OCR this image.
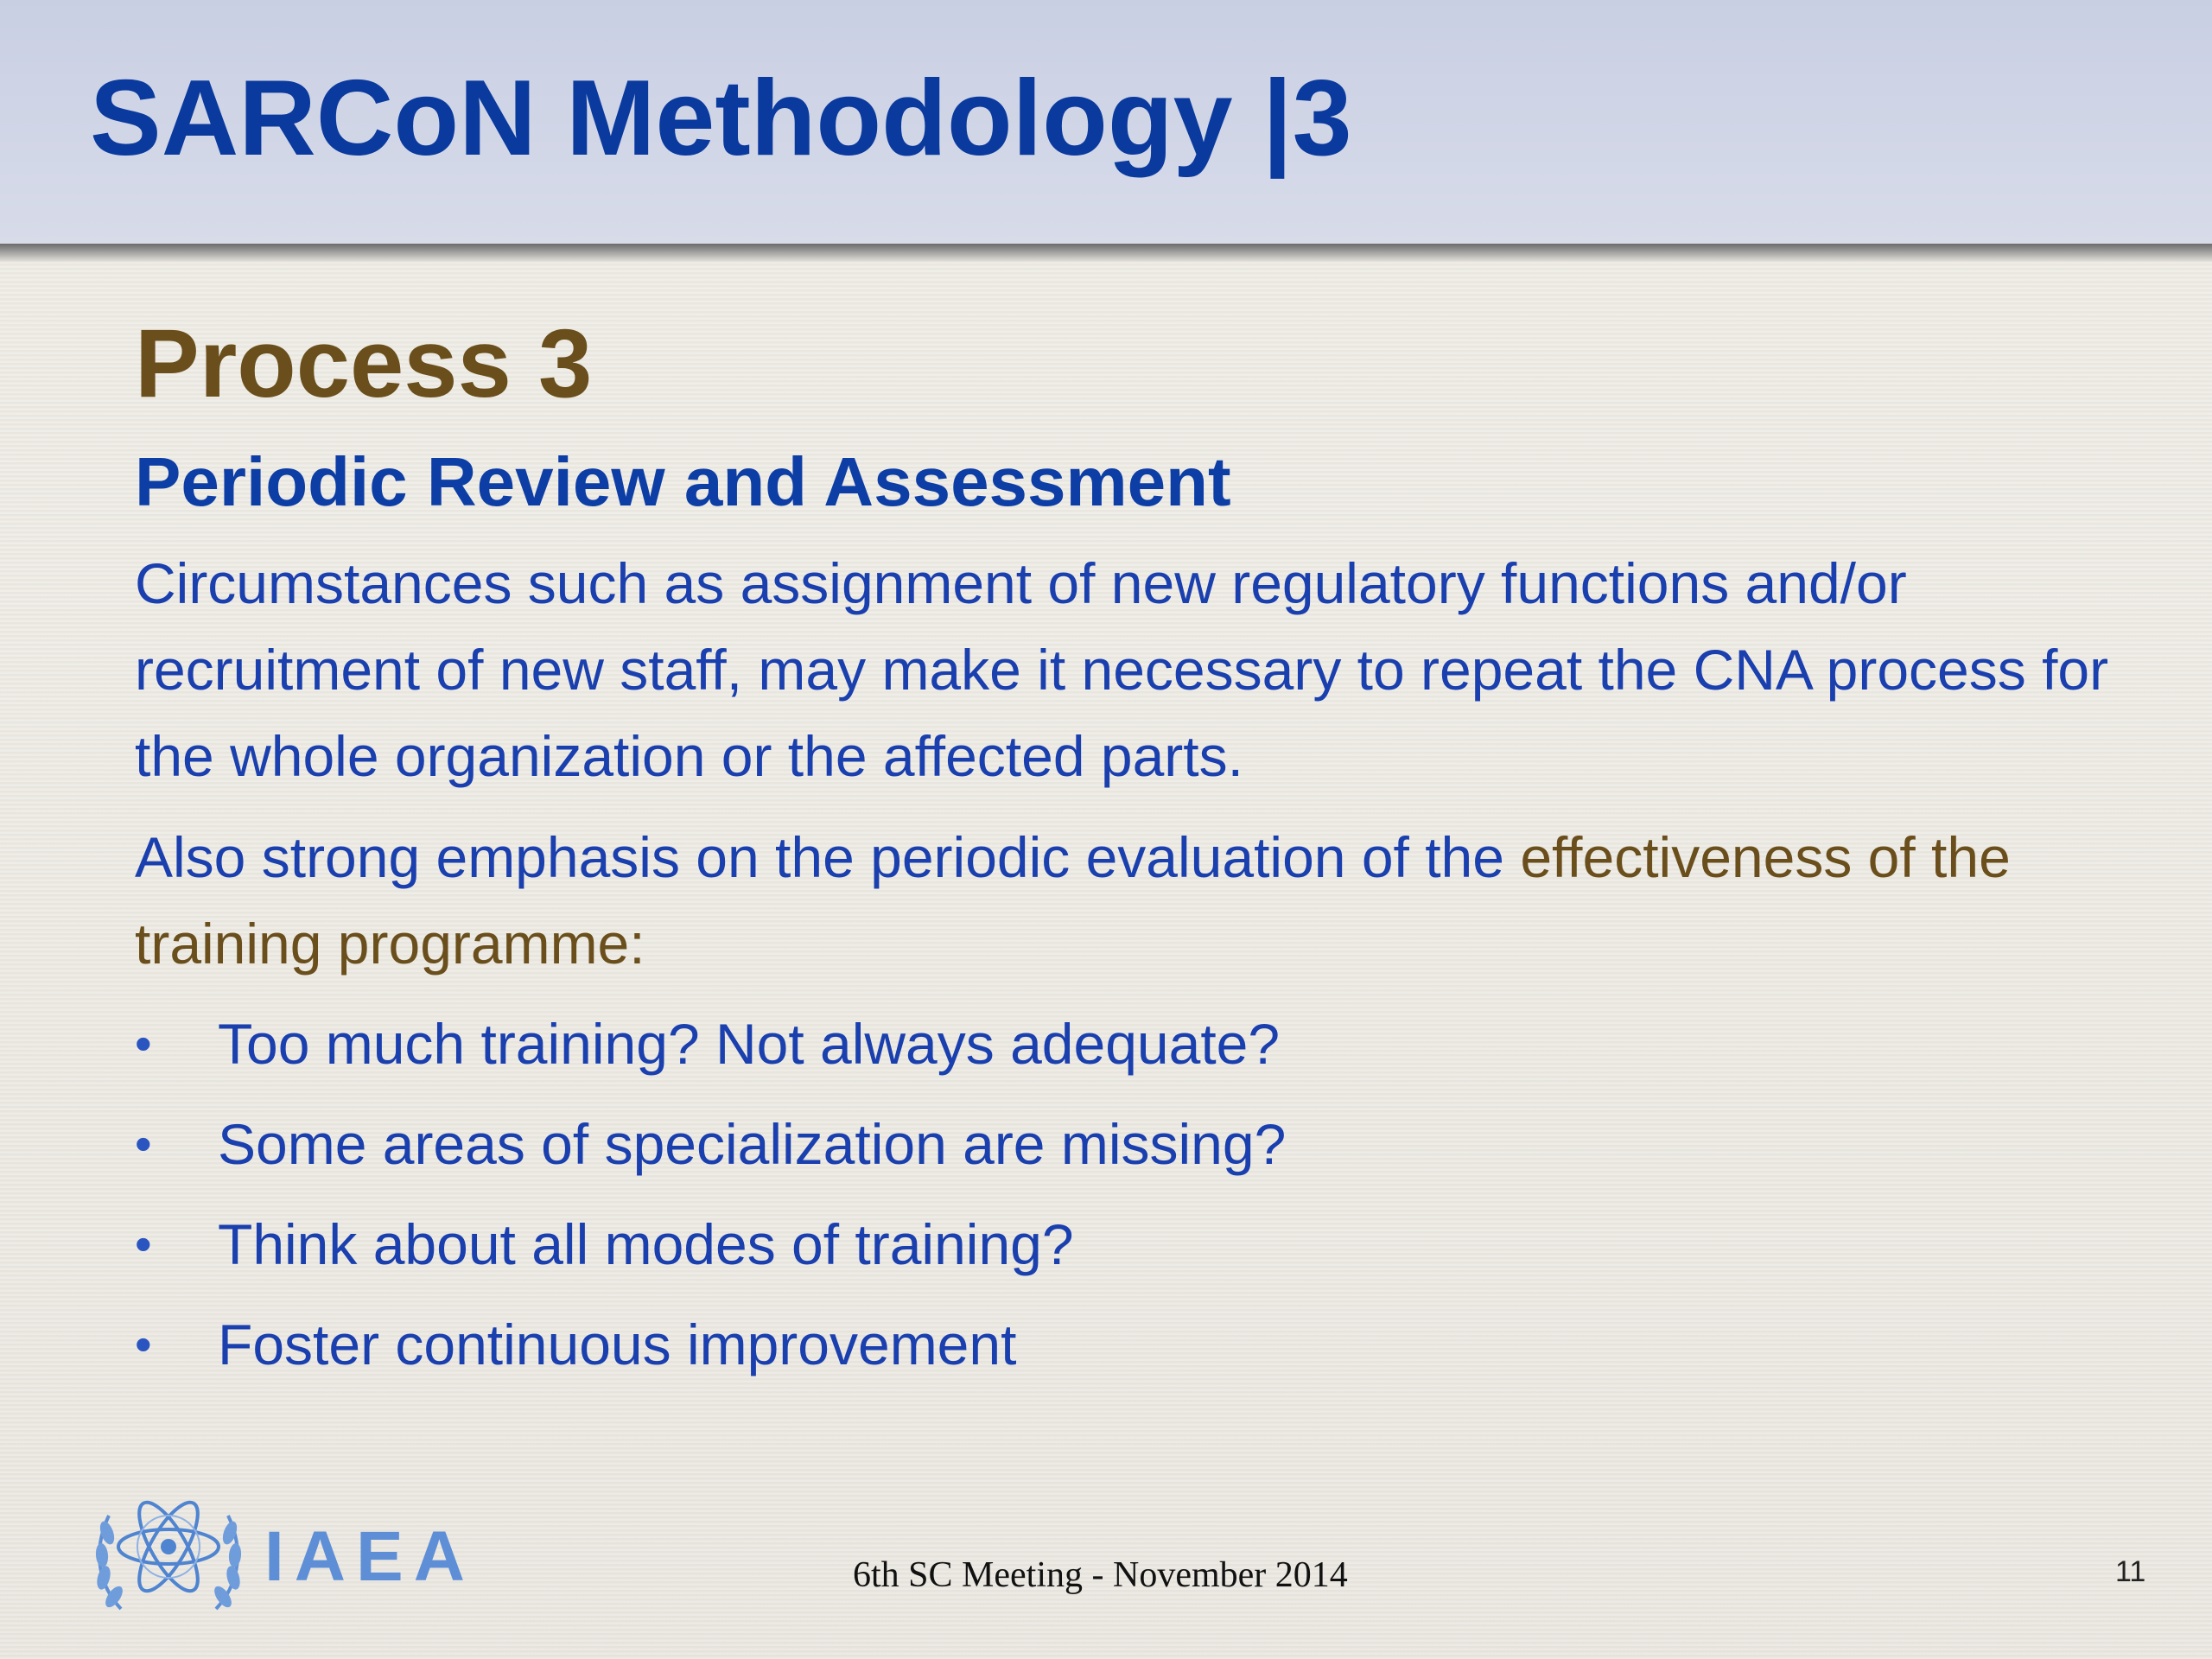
SARCoN Methodology |3
Process 3
Periodic Review and Assessment

Circumstances such as assignment of new regulatory functions and/or recruitment of new staff, may make it necessary to repeat the CNA process for the whole organization or the affected parts.

Also strong emphasis on the periodic evaluation of the effectiveness of the training programme:

•	Too much training? Not always adequate?
•	Some areas of specialization are missing?
•	Think about all modes of training?
•	Foster continuous improvement
IAEA	6th SC Meeting - November 2014	11
